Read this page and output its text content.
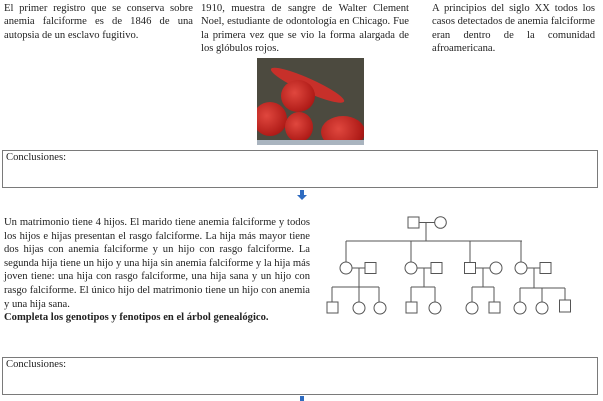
El primer registro que se conserva sobre anemia falciforme es de 1846 de una autopsia de un esclavo fugitivo.
1910, muestra de sangre de Walter Clement Noel, estudiante de odontología en Chicago. Fue la primera vez que se vio la forma alargada de los glóbulos rojos.
A principios del siglo XX todos los casos detectados de anemia falciforme eran dentro de la comunidad afroamericana.
Wellcome Images
Conclusiones:
Un matrimonio tiene 4 hijos. El marido tiene anemia falciforme y todos los hijos e hijas presentan el rasgo falciforme. La hija más mayor tiene dos hijas con anemia falciforme y un hijo con rasgo falciforme. La segunda hija tiene un hijo y una hija sin anemia falciforme y la hija más joven tiene: una hija con rasgo falciforme, una hija sana y un hijo con rasgo falciforme. El único hijo del matrimonio tiene un hijo con anemia y una hija sana.
Completa los genotipos y fenotipos en el árbol genealógico.
Conclusiones:
